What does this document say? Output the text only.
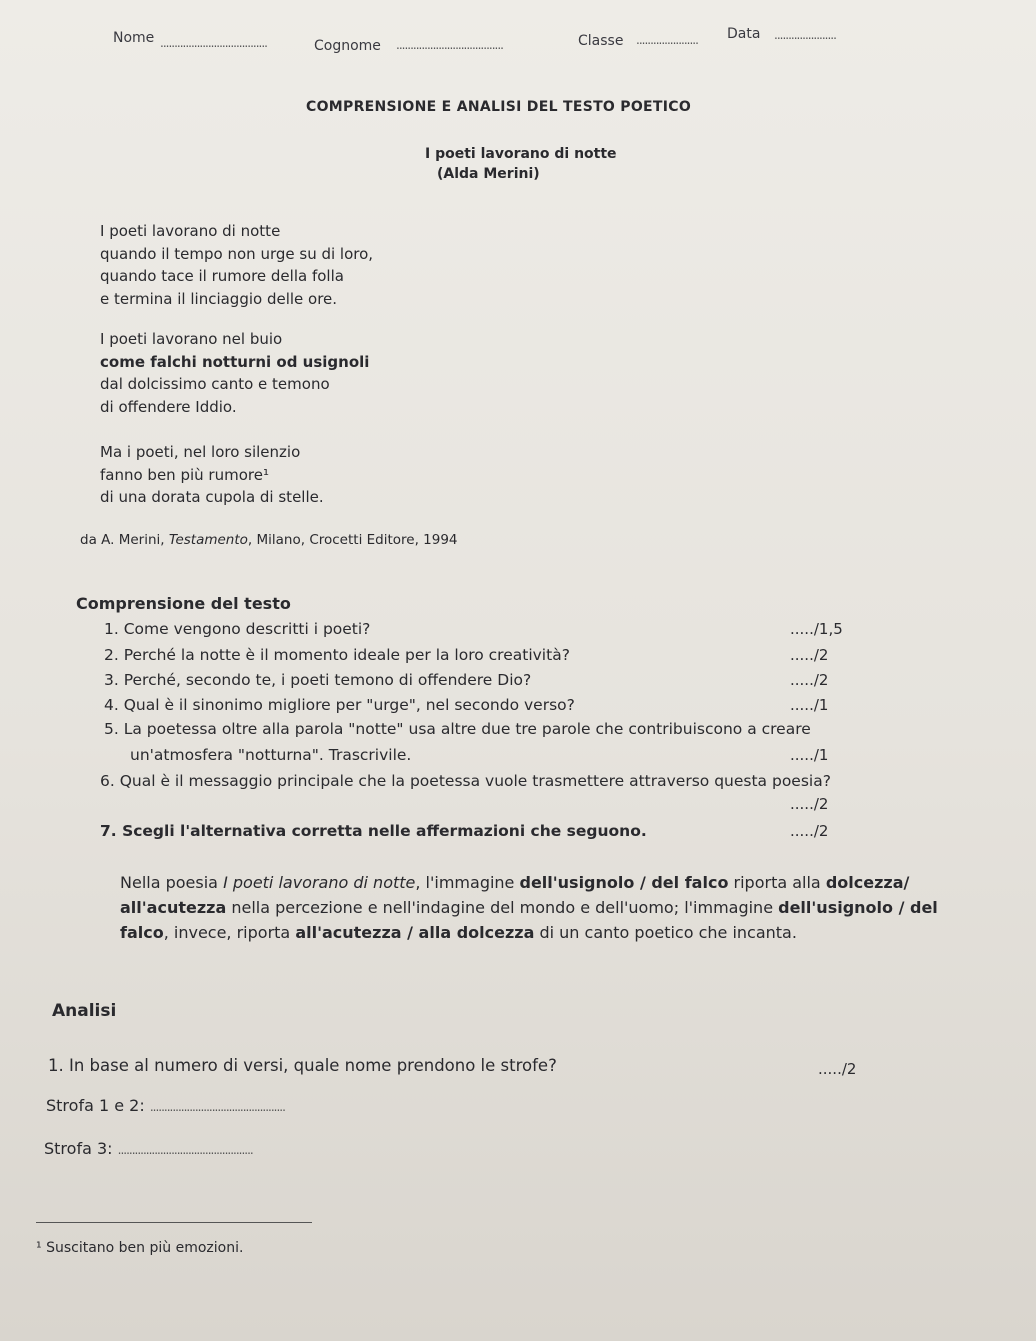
Nome ......................................	Cognome ......................................	Classe ...................... Data ......................
COMPRENSIONE E ANALISI DEL TESTO POETICO
I poeti lavorano di notte
(Alda Merini)
I poeti lavorano di notte
quando il tempo non urge su di loro,
quando tace il rumore della folla
e termina il linciaggio delle ore.
I poeti lavorano nel buio
come falchi notturni od usignoli
dal dolcissimo canto e temono
di offendere Iddio.
Ma i poeti, nel loro silenzio
fanno ben più rumore¹
di una dorata cupola di stelle.
da A. Merini, Testamento, Milano, Crocetti Editore, 1994
Comprensione del testo
1. Come vengono descritti i poeti?	...../1,5
2. Perché la notte è il momento ideale per la loro creatività?	...../2
3. Perché, secondo te, i poeti temono di offendere Dio?	...../2
4. Qual è il sinonimo migliore per "urge", nel secondo verso?	...../1
5. La poetessa oltre alla parola "notte" usa altre due tre parole che contribuiscono a creare
un'atmosfera "notturna". Trascrivile.	...../1
6. Qual è il messaggio principale che la poetessa vuole trasmettere attraverso questa poesia?
...../2
7. Scegli l'alternativa corretta nelle affermazioni che seguono.	...../2
Nella poesia I poeti lavorano di notte, l'immagine dell'usignolo / del falco riporta alla dolcezza/ all'acutezza nella percezione e nell'indagine del mondo e dell'uomo; l'immagine dell'usignolo / del falco, invece, riporta all'acutezza / alla dolcezza di un canto poetico che incanta.
Analisi
1. In base al numero di versi, quale nome prendono le strofe?	...../2
Strofa 1 e 2: ................................................
Strofa 3: ................................................
¹ Suscitano ben più emozioni.
